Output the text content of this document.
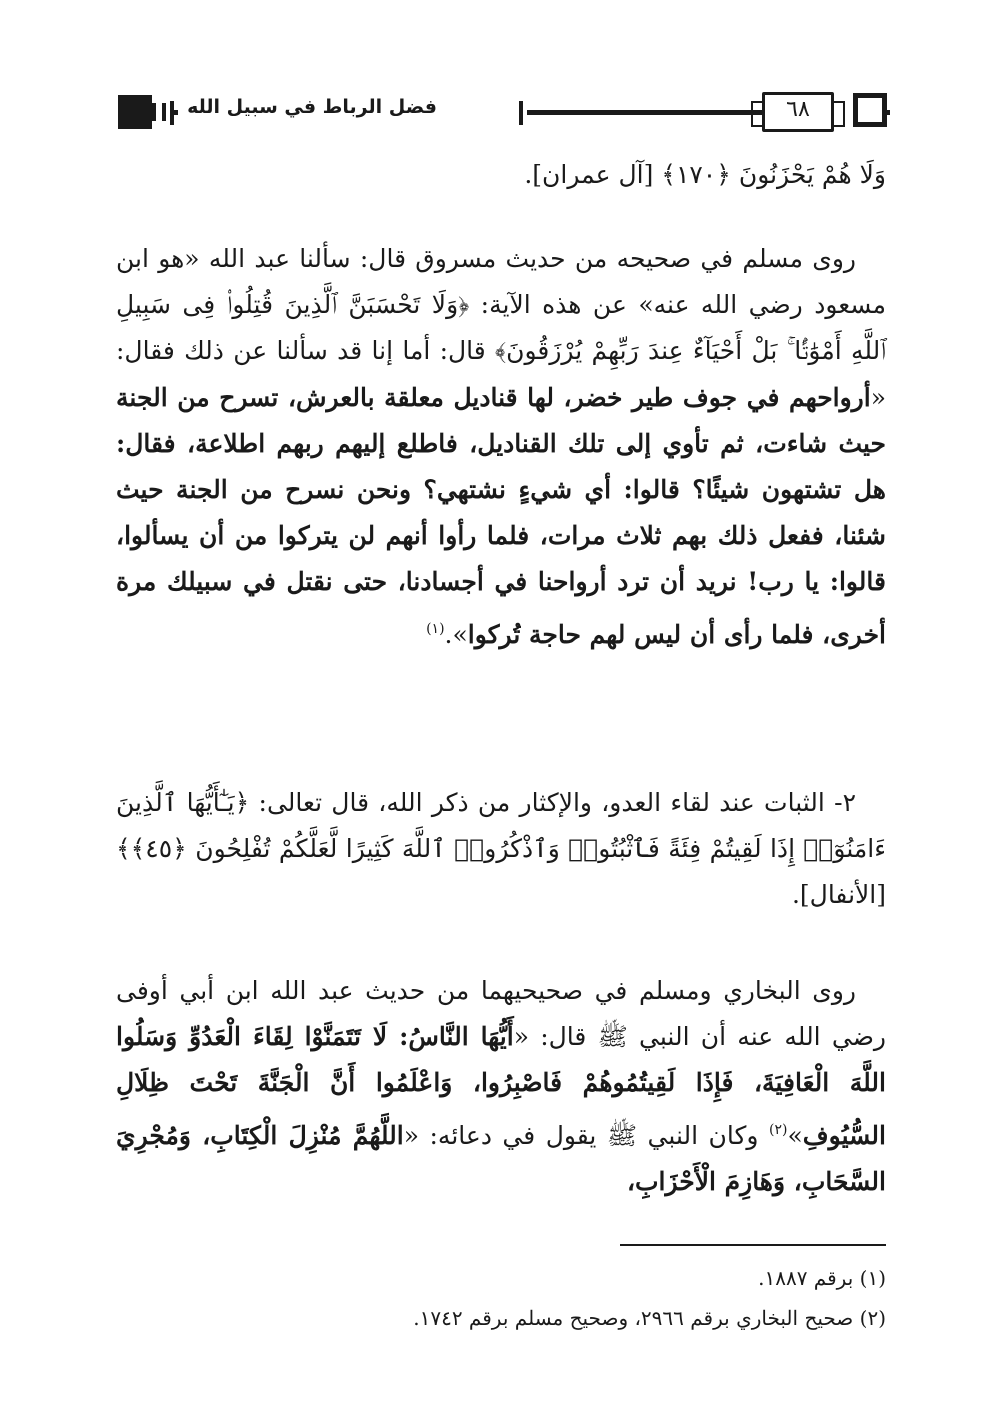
فضل الرباط في سبيل الله	٦٨
وَلَا هُمْ يَحْزَنُونَ ﴿١٧٠﴾ [آل عمران].
روى مسلم في صحيحه من حديث مسروق قال: سألنا عبد الله «هو ابن مسعود رضي الله عنه» عن هذه الآية: ﴿وَلَا تَحْسَبَنَّ ٱلَّذِينَ قُتِلُوا۟ فِى سَبِيلِ ٱللَّهِ أَمْوَٰتًۢا ۚ بَلْ أَحْيَآءٌ عِندَ رَبِّهِمْ يُرْزَقُونَ﴾ قال: أما إنا قد سألنا عن ذلك فقال: «أرواحهم في جوف طير خضر، لها قناديل معلقة بالعرش، تسرح من الجنة حيث شاءت، ثم تأوي إلى تلك القناديل، فاطلع إليهم ربهم اطلاعة، فقال: هل تشتهون شيئًا؟ قالوا: أي شيءٍ نشتهي؟ ونحن نسرح من الجنة حيث شئنا، ففعل ذلك بهم ثلاث مرات، فلما رأوا أنهم لن يتركوا من أن يسألوا، قالوا: يا رب! نريد أن ترد أرواحنا في أجسادنا، حتى نقتل في سبيلك مرة أخرى، فلما رأى أن ليس لهم حاجة تُركوا».$^{(١)}$
٢- الثبات عند لقاء العدو، والإكثار من ذكر الله، قال تعالى: ﴿يَـٰٓأَيُّهَا ٱلَّذِينَ ءَامَنُوٓا۟ إِذَا لَقِيتُمْ فِئَةً فَٱثْبُتُوا۟ وَٱذْكُرُوا۟ ٱللَّهَ كَثِيرًا لَّعَلَّكُمْ تُفْلِحُونَ ﴿٤٥﴾﴾ [الأنفال].
روى البخاري ومسلم في صحيحيهما من حديث عبد الله ابن أبي أوفى رضي الله عنه أن النبي ﷺ قال: «أَيُّهَا النَّاسُ: لَا تَتَمَنَّوْا لِقَاءَ الْعَدُوِّ وَسَلُوا اللَّهَ الْعَافِيَةَ، فَإِذَا لَقِيتُمُوهُمْ فَاصْبِرُوا، وَاعْلَمُوا أَنَّ الْجَنَّةَ تَحْتَ ظِلَالِ السُّيُوفِ»$^{(٢)}$ وكان النبي ﷺ يقول في دعائه: «اللَّهُمَّ مُنْزِلَ الْكِتَابِ، وَمُجْرِيَ السَّحَابِ، وَهَازِمَ الْأَحْزَابِ،
(١) برقم ١٨٨٧.
(٢) صحيح البخاري برقم ٢٩٦٦، وصحيح مسلم برقم ١٧٤٢.
